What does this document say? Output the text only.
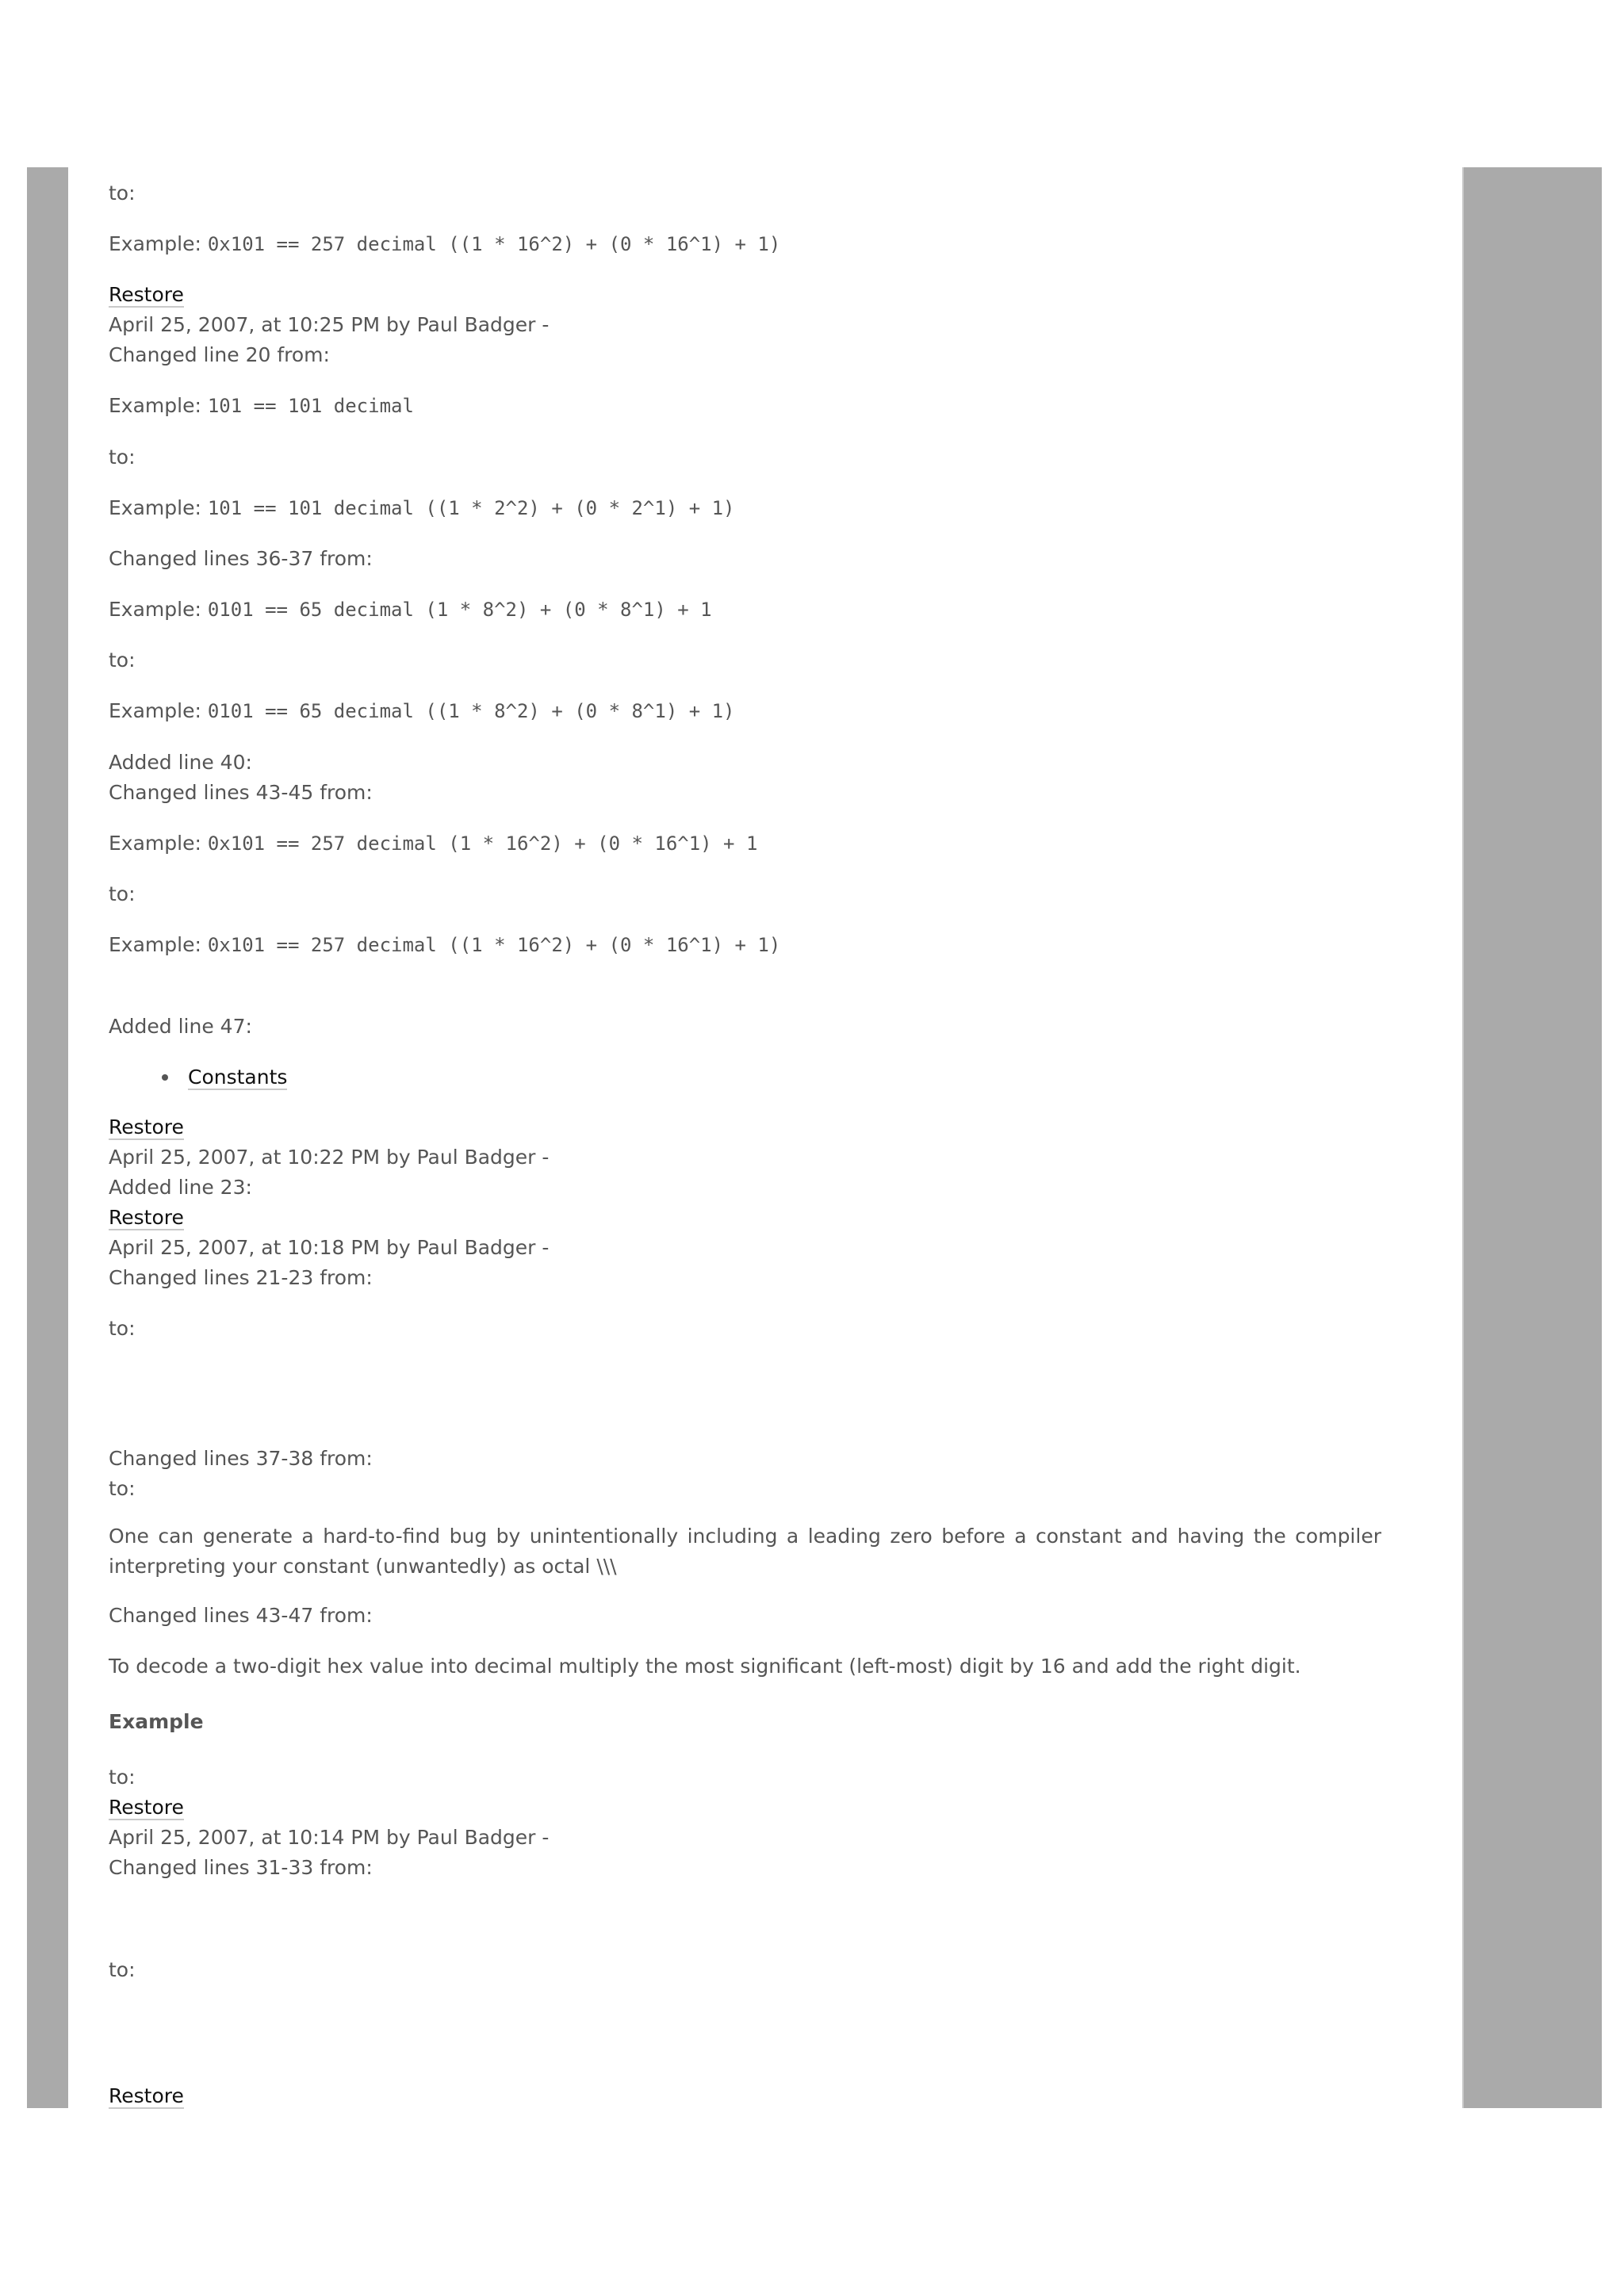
to:
Example: 0x101 == 257 decimal ((1 * 16^2) + (0 * 16^1) + 1)
Restore
April 25, 2007, at 10:25 PM by Paul Badger -
Changed line 20 from:
Example: 101 == 101 decimal
to:
Example: 101 == 101 decimal ((1 * 2^2) + (0 * 2^1) + 1)
Changed lines 36-37 from:
Example: 0101 == 65 decimal (1 * 8^2) + (0 * 8^1) + 1
to:
Example: 0101 == 65 decimal ((1 * 8^2) + (0 * 8^1) + 1)
Added line 40:
Changed lines 43-45 from:
Example: 0x101 == 257 decimal (1 * 16^2) + (0 * 16^1) + 1
to:
Example: 0x101 == 257 decimal ((1 * 16^2) + (0 * 16^1) + 1)
Added line 47:
Constants
Restore
April 25, 2007, at 10:22 PM by Paul Badger -
Added line 23:
Restore
April 25, 2007, at 10:18 PM by Paul Badger -
Changed lines 21-23 from:
to:
Changed lines 37-38 from:
to:
One can generate a hard-to-find bug by unintentionally including a leading zero before a constant and having the compiler interpreting your constant (unwantedly) as octal \\\
Changed lines 43-47 from:
To decode a two-digit hex value into decimal multiply the most significant (left-most) digit by 16 and add the right digit.
Example
to:
Restore
April 25, 2007, at 10:14 PM by Paul Badger -
Changed lines 31-33 from:
to:
Restore
